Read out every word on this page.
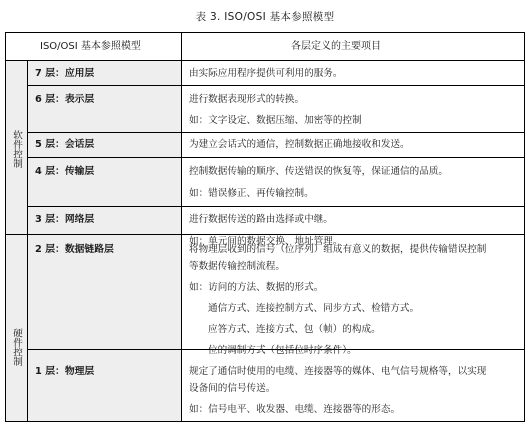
表 3. ISO/OSI 基本参照模型
ISO/OSI 基本参照模型	各层定义的主要项目
软件控制
硬件控制
7 层：应用层	由实际应用程序提供可利用的服务。
6 层：表示层	进行数据表现形式的转换。
如：文字设定、数据压缩、加密等的控制
5 层：会话层	为建立会话式的通信，控制数据正确地接收和发送。
4 层：传输层	控制数据传输的顺序、传送错误的恢复等，保证通信的品质。
如：错误修正、再传输控制。
3 层：网络层	进行数据传送的路由选择或中继。
如：单元间的数据交换、地址管理。
2 层：数据链路层	将物理层收到的信号（位序列）组成有意义的数据，提供传输错误控制
等数据传输控制流程。
如：访问的方法、数据的形式。
通信方式、连接控制方式、同步方式、检错方式。
应答方式、连接方式、包（帧）的构成。
位的调制方式（包括位时序条件）。
1 层：物理层	规定了通信时使用的电缆、连接器等的媒体、电气信号规格等，以实现
设备间的信号传送。
如：信号电平、收发器、电缆、连接器等的形态。
